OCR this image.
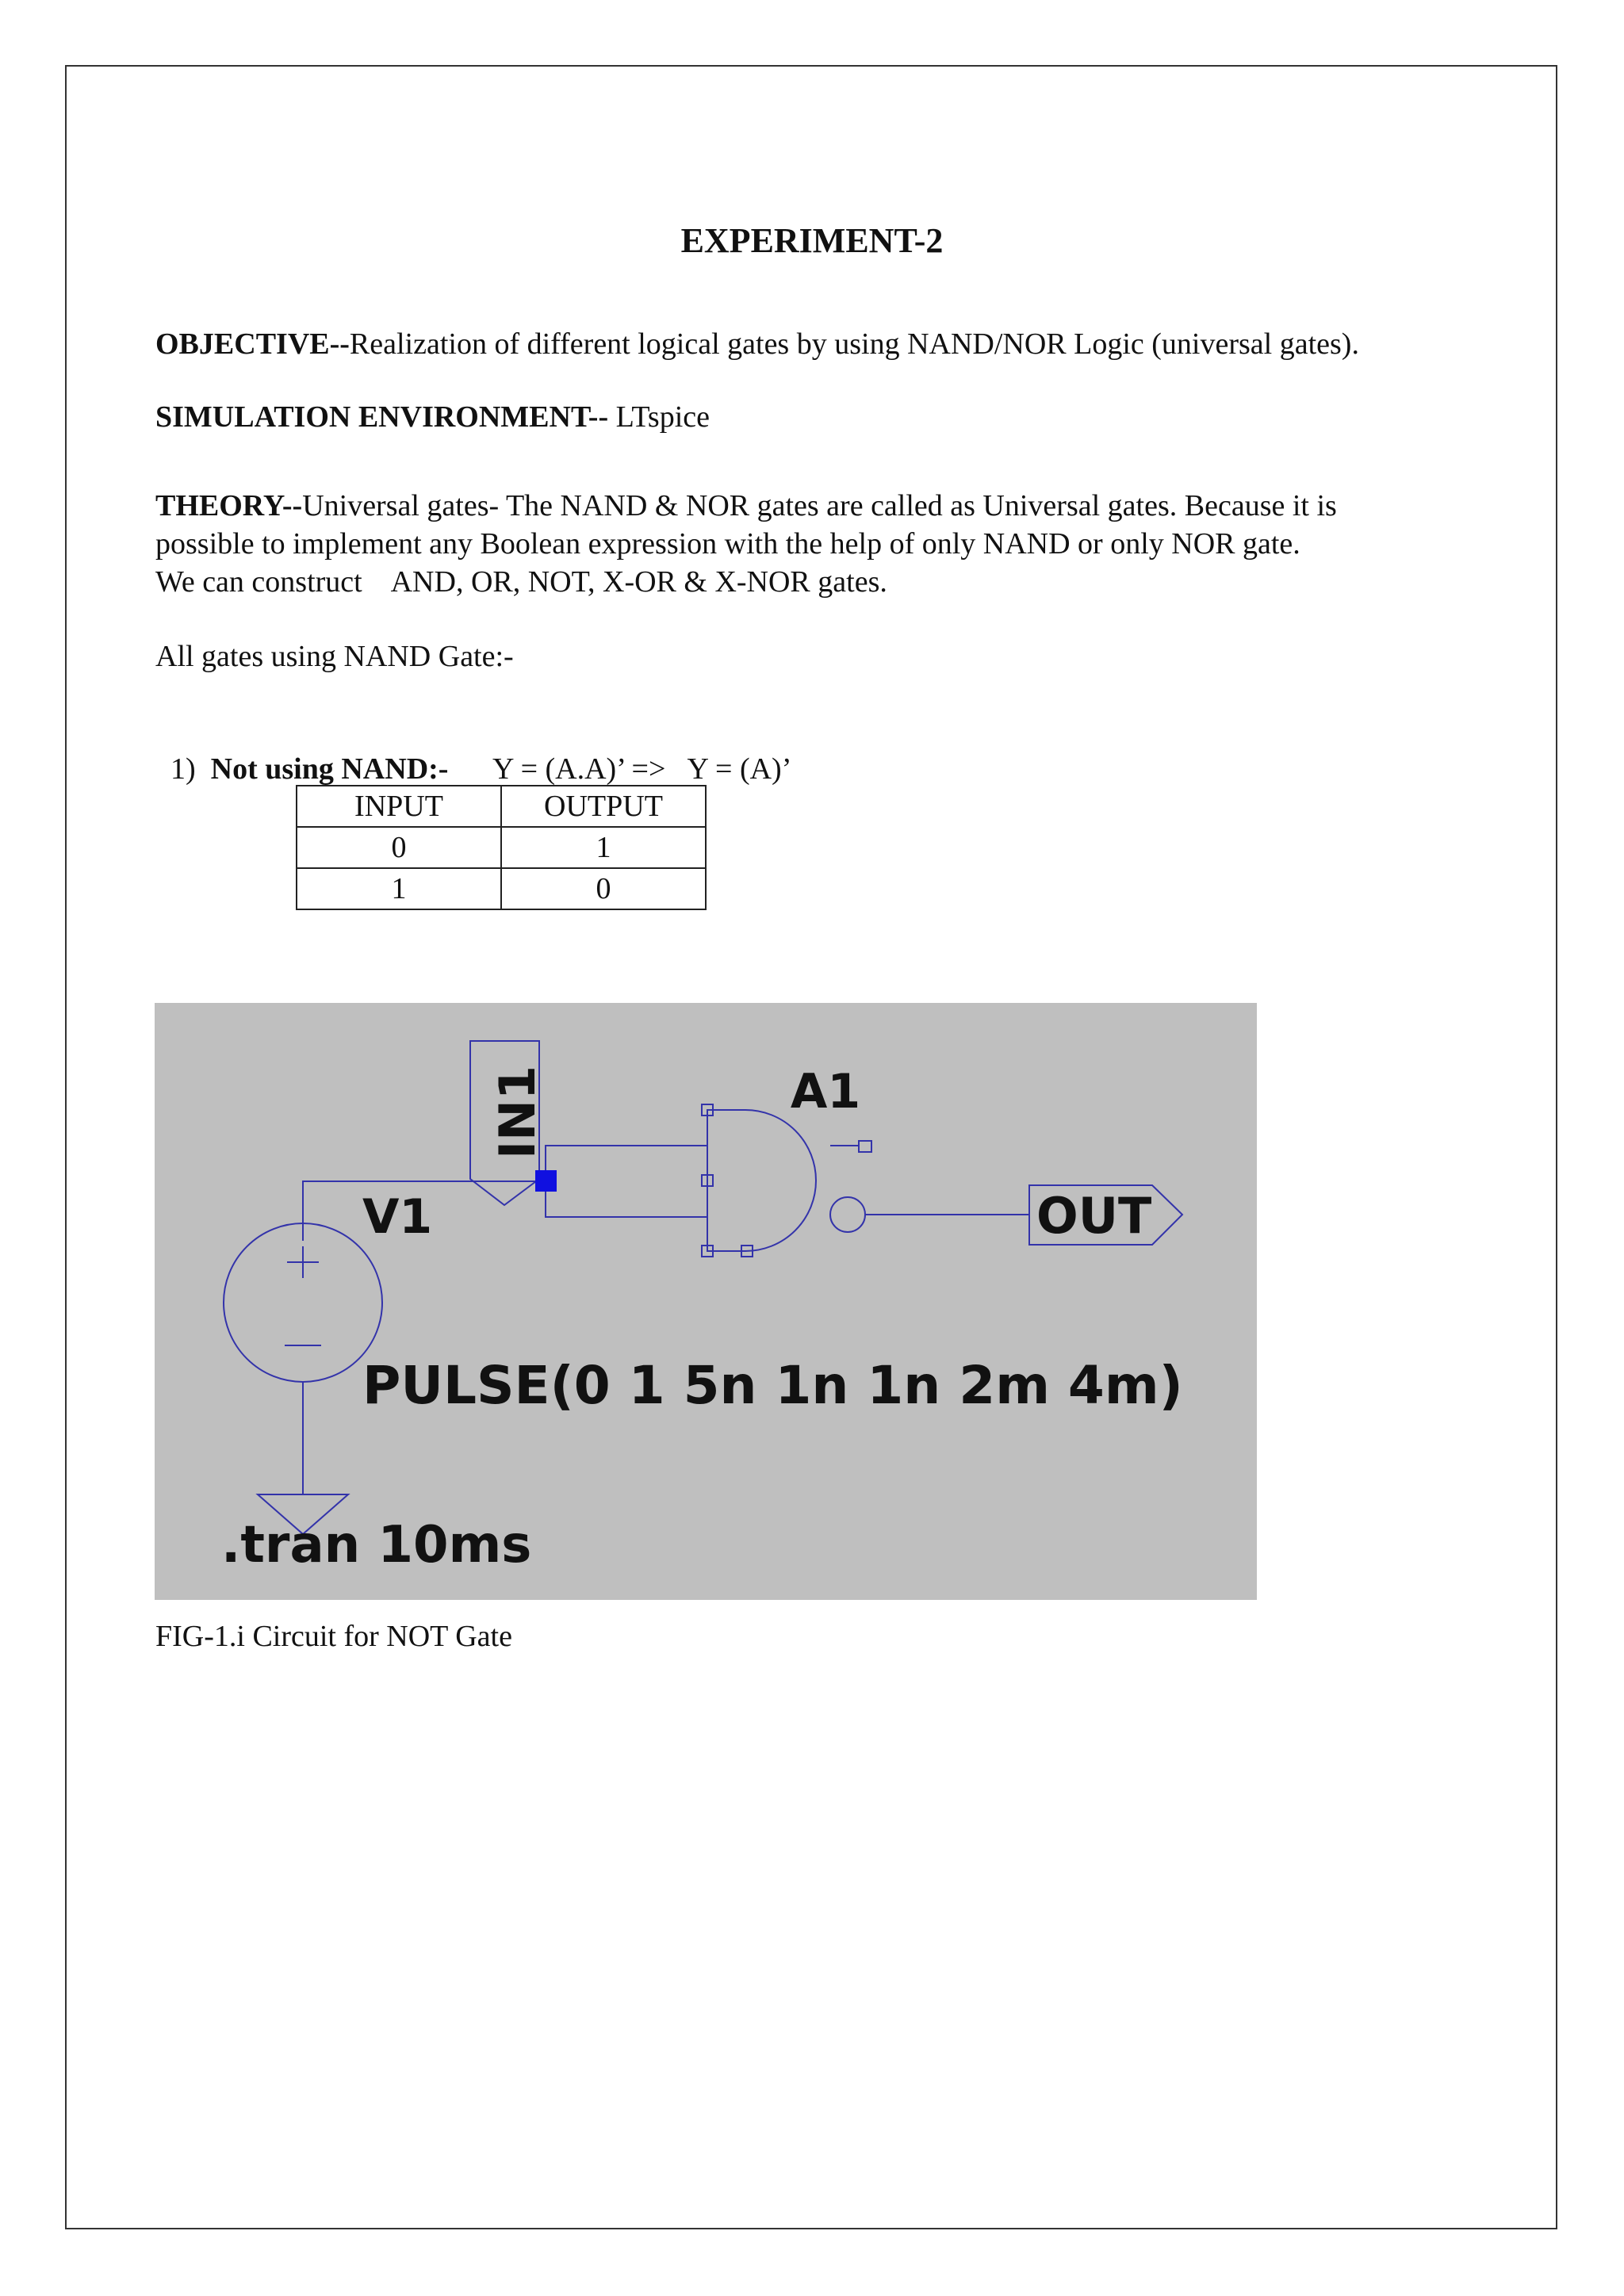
EXPERIMENT-2
OBJECTIVE--Realization of different logical gates by using NAND/NOR Logic (universal gates).
SIMULATION ENVIRONMENT-- LTspice
THEORY--Universal gates- The NAND & NOR gates are called as Universal gates. Because it is
possible to implement any Boolean expression with the help of only NAND or only NOR gate.
We can construct    AND, OR, NOT, X-OR & X-NOR gates.
All gates using NAND Gate:-

1) Not using NAND:- Y = (A.A)’ =>   Y = (A)’

INPUT	OUTPUT
0	1
1	0
IN1	A1
V1	OUT
PULSE(0 1 5n 1n 1n 2m 4m)
.tran 10ms
FIG-1.i Circuit for NOT Gate
